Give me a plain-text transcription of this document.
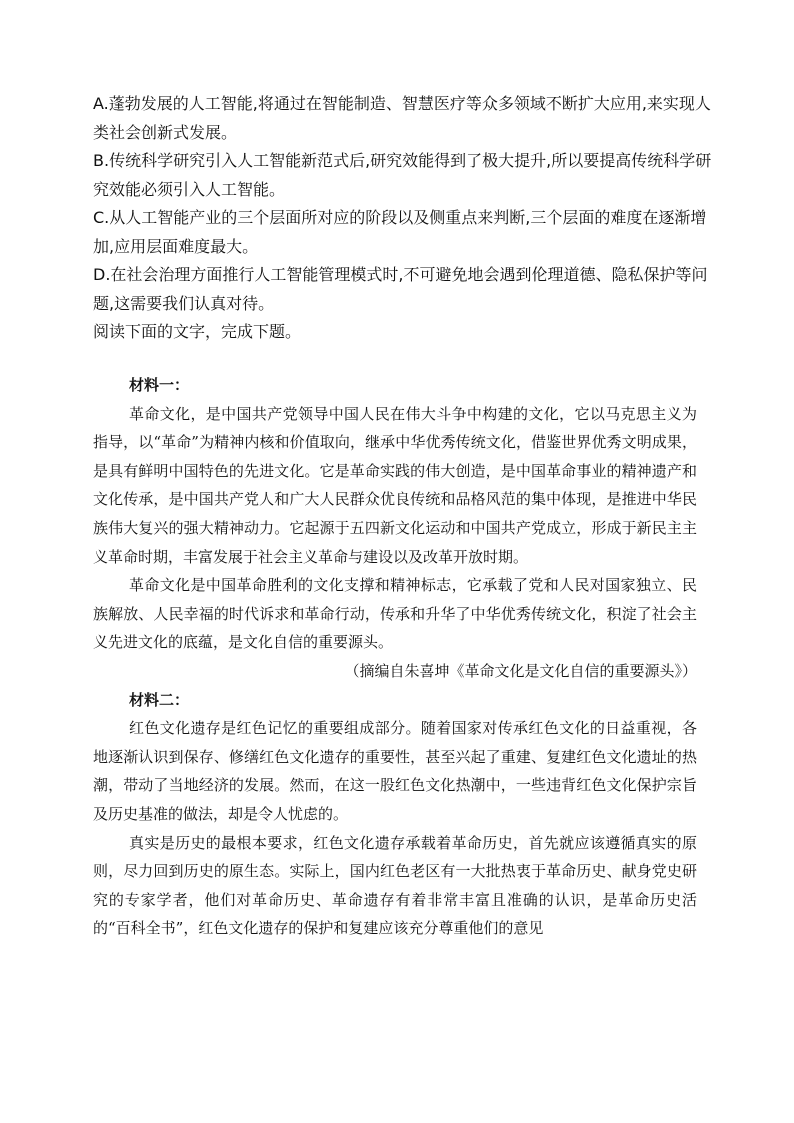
A.蓬勃发展的人工智能,将通过在智能制造、智慧医疗等众多领域不断扩大应用,来实现人类社会创新式发展。

B.传统科学研究引入人工智能新范式后,研究效能得到了极大提升,所以要提高传统科学研究效能必须引入人工智能。

C.从人工智能产业的三个层面所对应的阶段以及侧重点来判断,三个层面的难度在逐渐增加,应用层面难度最大。

D.在社会治理方面推行人工智能管理模式时,不可避免地会遇到伦理道德、隐私保护等问题,这需要我们认真对待。

阅读下面的文字，完成下题。

材料一：

革命文化，是中国共产党领导中国人民在伟大斗争中构建的文化，它以马克思主义为指导，以“革命”为精神内核和价值取向，继承中华优秀传统文化，借鉴世界优秀文明成果，是具有鲜明中国特色的先进文化。它是革命实践的伟大创造，是中国革命事业的精神遗产和文化传承，是中国共产党人和广大人民群众优良传统和品格风范的集中体现，是推进中华民族伟大复兴的强大精神动力。它起源于五四新文化运动和中国共产党成立，形成于新民主主义革命时期，丰富发展于社会主义革命与建设以及改革开放时期。

革命文化是中国革命胜利的文化支撑和精神标志，它承载了党和人民对国家独立、民族解放、人民幸福的时代诉求和革命行动，传承和升华了中华优秀传统文化，积淀了社会主义先进文化的底蕴，是文化自信的重要源头。

（摘编自朱喜坤《革命文化是文化自信的重要源头》）

材料二：

红色文化遗存是红色记忆的重要组成部分。随着国家对传承红色文化的日益重视，各地逐渐认识到保存、修缮红色文化遗存的重要性，甚至兴起了重建、复建红色文化遗址的热潮，带动了当地经济的发展。然而，在这一股红色文化热潮中，一些违背红色文化保护宗旨及历史基准的做法，却是令人忧虑的。

真实是历史的最根本要求，红色文化遗存承载着革命历史，首先就应该遵循真实的原则，尽力回到历史的原生态。实际上，国内红色老区有一大批热衷于革命历史、献身党史研究的专家学者，他们对革命历史、革命遗存有着非常丰富且准确的认识，是革命历史活的“百科全书”，红色文化遗存的保护和复建应该充分尊重他们的意见
